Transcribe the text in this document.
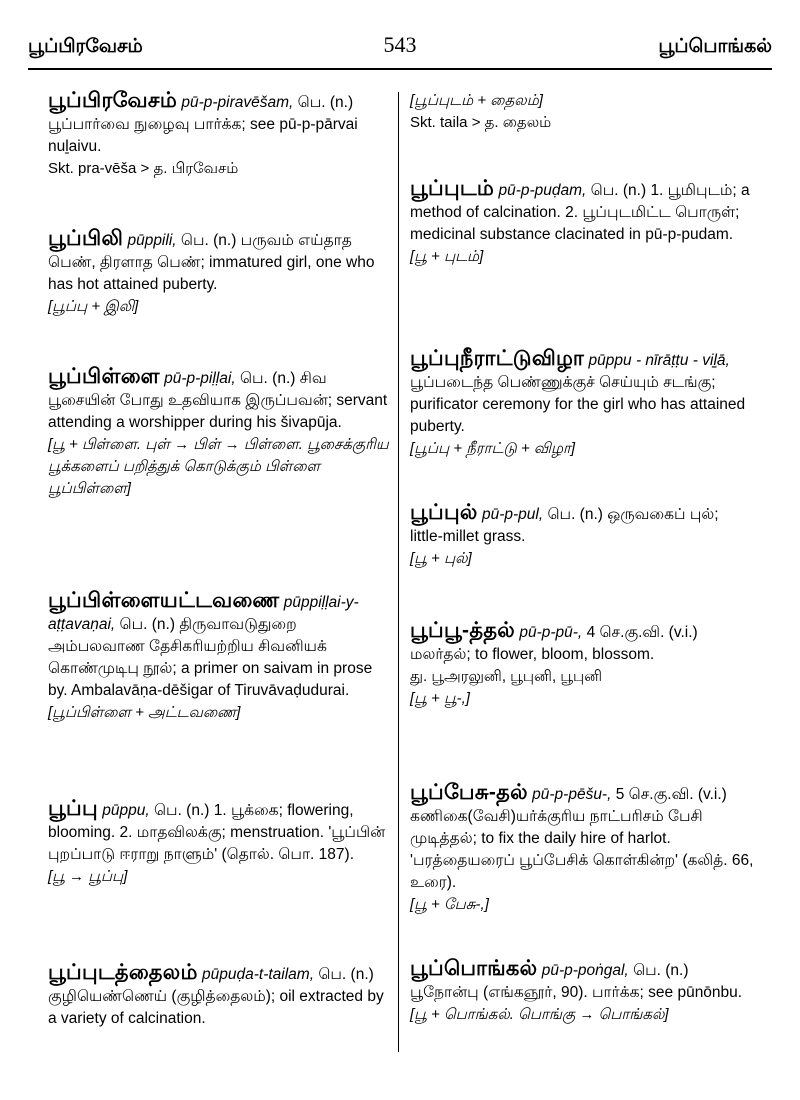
பூப்பிரவேசம்	543	பூப்பொங்கல்

பூப்பிரவேசம் pū-p-piravēšam, பெ. (n.) பூப்பார்வை நுழைவு பார்க்க; see pū-p-pārvai nuḻaivu.

Skt. pra-vēša > த. பிரவேசம்

பூப்பிலி pūppili, பெ. (n.) பருவம் எய்தாத பெண், திரளாத பெண்; immatured girl, one who has hot attained puberty.

[பூப்பு + இலி]

பூப்பிள்ளை pū-p-piḷḷai, பெ. (n.) சிவ பூசையின் போது உதவியாக இருப்பவன்; servant attending a worshipper during his šivapūja.

[பூ + பிள்ளை. புள் → பிள் → பிள்ளை. பூசைக்குரிய பூக்களைப் பறித்துக் கொடுக்கும் பிள்ளை பூப்பிள்ளை]

பூப்பிள்ளையட்டவணை pūppiḷḷai-y-aṭṭavaṇai, பெ. (n.) திருவாவடுதுறை அம்பலவாண தேசிகரியற்றிய சிவனியக் கொண்முடிபு நூல்; a primer on saivam in prose by. Ambalavāṇa-dēšigar of Tiruvāvaḍudurai.

[பூப்பிள்ளை + அட்டவணை]

பூப்பு pūppu, பெ. (n.) 1. பூக்கை; flowering, blooming. 2. மாதவிலக்கு; menstruation. 'பூப்பின் புறப்பாடு ஈராறு நாளும்' (தொல். பொ. 187).

[பூ → பூப்பு]

பூப்புடத்தைலம் pūpuḍa-t-tailam, பெ. (n.) குழியெண்ணெய் (குழித்தைலம்); oil extracted by a variety of calcination.

[பூப்புடம் + தைலம்]

Skt. taila > த. தைலம்

பூப்புடம் pū-p-puḍam, பெ. (n.) 1. பூமிபுடம்; a method of calcination. 2. பூப்புடமிட்ட பொருள்; medicinal substance clacinated in pū-p-pudam.

[பூ + புடம்]

பூப்புநீராட்டுவிழா pūppu - nīrāṭṭu - viḻā, பூப்படைந்த பெண்ணுக்குச் செய்யும் சடங்கு; purificator ceremony for the girl who has attained puberty.

[பூப்பு + நீராட்டு + விழா]

பூப்புல் pū-p-pul, பெ. (n.) ஒருவகைப் புல்; little-millet grass.

[பூ + புல்]

பூப்பூ-த்தல் pū-p-pū-, 4 செ.கு.வி. (v.i.) மலர்தல்; to flower, bloom, blossom.

து. பூஅரலுனி, பூபுனி, பூபுனி

[பூ + பூ-,]

பூப்பேசு-தல் pū-p-pēšu-, 5 செ.கு.வி. (v.i.) கணிகை(வேசி)யர்க்குரிய நாட்பரிசம் பேசி முடித்தல்; to fix the daily hire of harlot. 'பரத்தையரைப் பூப்பேசிக் கொள்கின்ற' (கலித். 66, உரை).

[பூ + பேசு-,]

பூப்பொங்கல் pū-p-poṅgal, பெ. (n.) பூநோன்பு (எங்கஞூர், 90). பார்க்க; see pūnōnbu.

[பூ + பொங்கல். பொங்கு → பொங்கல்]
